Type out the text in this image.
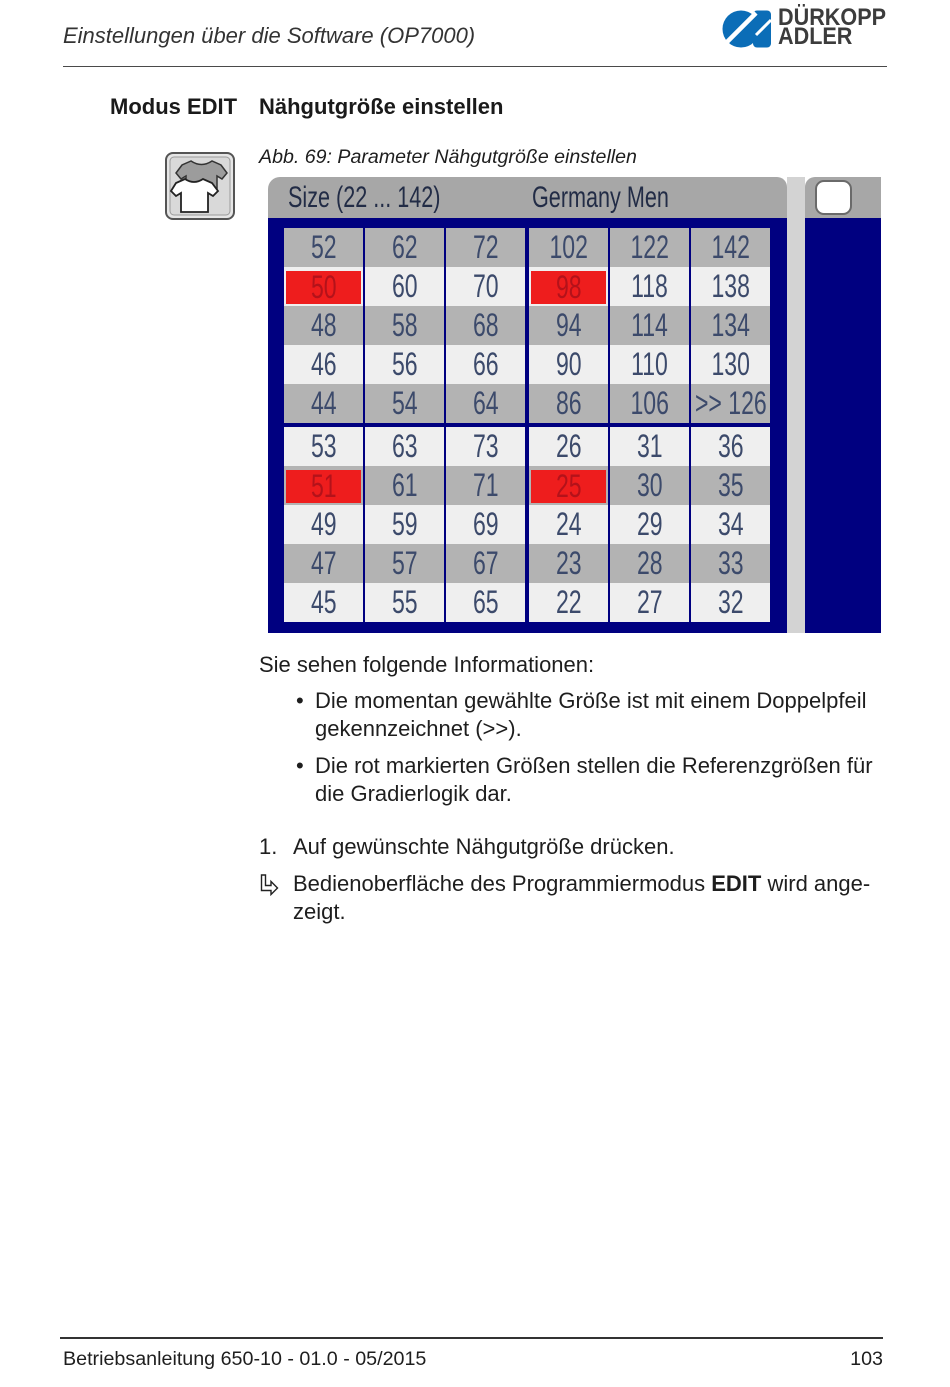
Einstellungen über die Software (OP7000)
DÜRKOPP
ADLER
Modus EDIT Nähgutgröße einstellen
Abb. 69: Parameter Nähgutgröße einstellen
Size (22 ... 142)	Germany Men
52 62 72 102 122 142
50 60 70 98 118 138
48 58 68 94 114 134
46 56 66 90 110 130
44 54 64 86 106 >> 126
53 63 73 26 31 36
51 61 71 25 30 35
49 59 69 24 29 34
47 57 67 23 28 33
45 55 65 22 27 32
Sie sehen folgende Informationen:
• Die momentan gewählte Größe ist mit einem Doppelpfeil
gekennzeichnet (>>).
• Die rot markierten Größen stellen die Referenzgrößen für
die Gradierlogik dar.
1. Auf gewünschte Nähgutgröße drücken.
Bedienoberfläche des Programmiermodus EDIT wird ange-
zeigt.
Betriebsanleitung 650-10 - 01.0 - 05/2015	103
